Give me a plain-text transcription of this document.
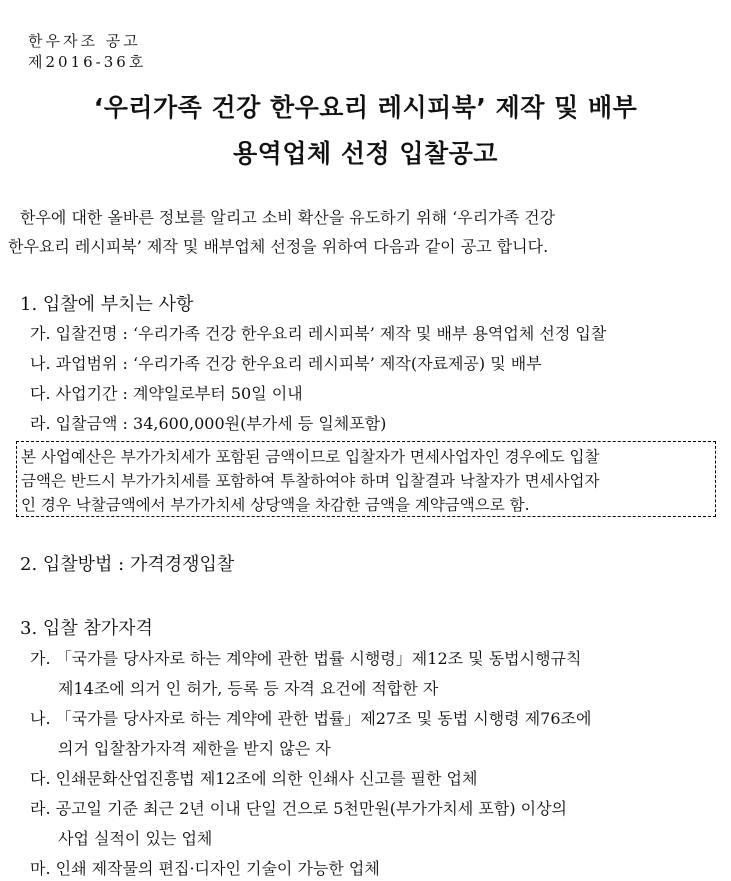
한우자조 공고
제2016-36호
‘우리가족 건강 한우요리 레시피북’ 제작 및 배부
용역업체 선정 입찰공고
한우에 대한 올바른 정보를 알리고 소비 확산을 유도하기 위해 ‘우리가족 건강
한우요리 레시피북’ 제작 및 배부업체 선정을 위하여 다음과 같이 공고 합니다.
1. 입찰에 부치는 사항
가. 입찰건명 : ‘우리가족 건강 한우요리 레시피북’ 제작 및 배부 용역업체 선정 입찰
나. 과업범위 : ‘우리가족 건강 한우요리 레시피북’ 제작(자료제공) 및 배부
다. 사업기간 : 계약일로부터 50일 이내
라. 입찰금액 : 34,600,000원(부가세 등 일체포함)
본 사업예산은 부가가치세가 포함된 금액이므로 입찰자가 면세사업자인 경우에도 입찰
금액은 반드시 부가가치세를 포함하여 투찰하여야 하며 입찰결과 낙찰자가 면세사업자
인 경우 낙찰금액에서 부가가치세 상당액을 차감한 금액을 계약금액으로 함.
2. 입찰방법 : 가격경쟁입찰
3. 입찰 참가자격
가. 「국가를 당사자로 하는 계약에 관한 법률 시행령」제12조 및 동법시행규칙
제14조에 의거 인 허가, 등록 등 자격 요건에 적합한 자
나. 「국가를 당사자로 하는 계약에 관한 법률」제27조 및 동법 시행령 제76조에
의거 입찰참가자격 제한을 받지 않은 자
다. 인쇄문화산업진흥법 제12조에 의한 인쇄사 신고를 필한 업체
라. 공고일 기준 최근 2년 이내 단일 건으로 5천만원(부가가치세 포함) 이상의
사업 실적이 있는 업체
마. 인쇄 제작물의 편집·디자인 기술이 가능한 업체
